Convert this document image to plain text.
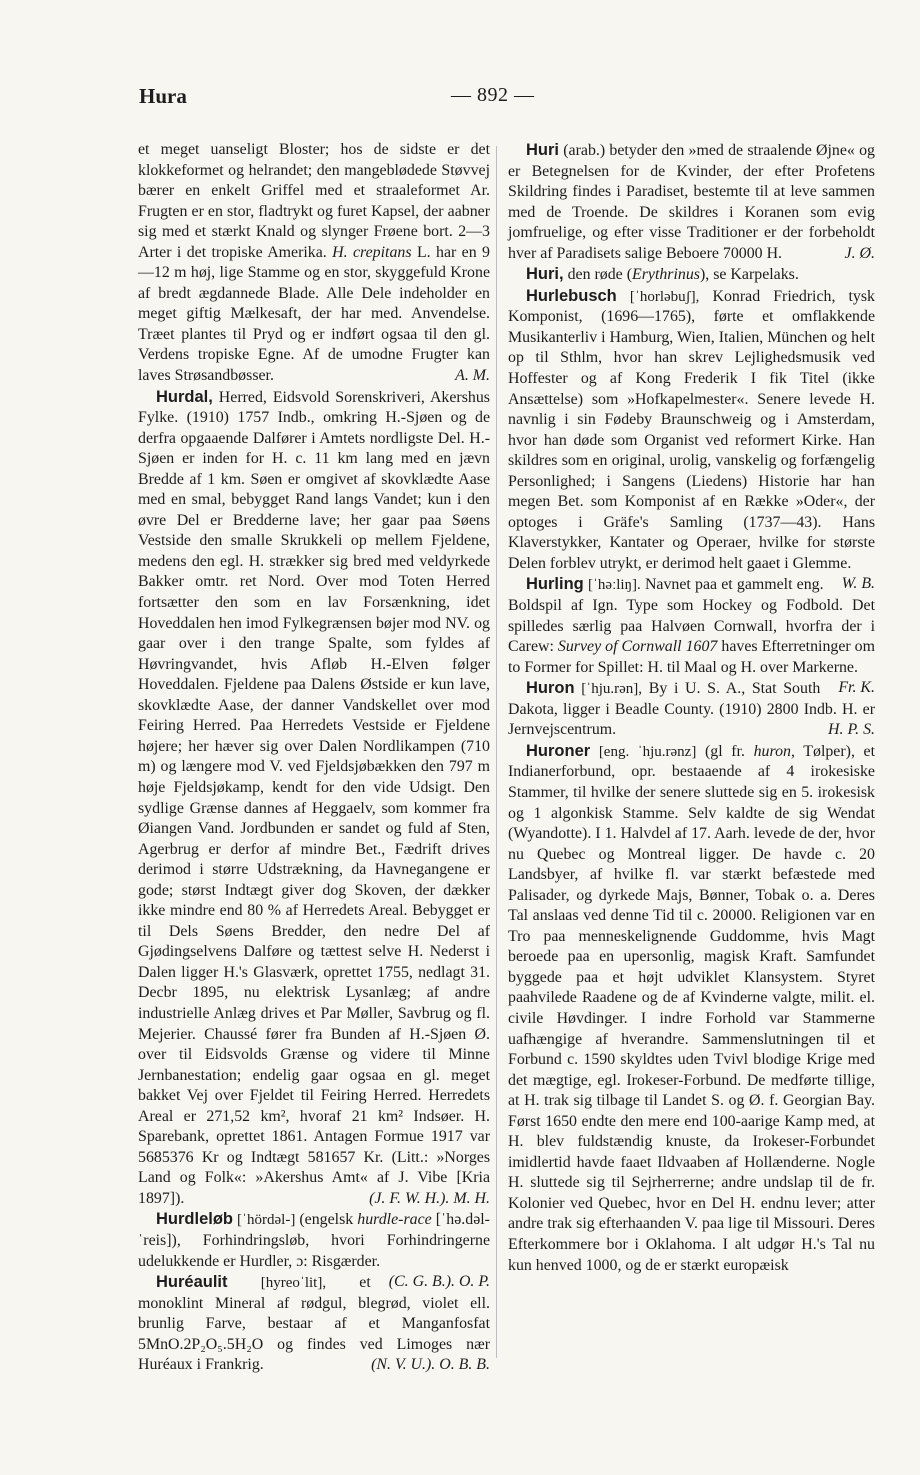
Hura	— 892 —

et meget uanseligt Bloster; hos de sidste er det klokkeformet og helrandet; den mangeblødede Støvvej bærer en enkelt Griffel med et straaleformet Ar. Frugten er en stor, fladtrykt og furet Kapsel, der aabner sig med et stærkt Knald og slynger Frøene bort. 2—3 Arter i det tropiske Amerika. H. crepitans L. har en 9—12 m høj, lige Stamme og en stor, skyggefuld Krone af bredt ægdannede Blade. Alle Dele indeholder en meget giftig Mælkesaft, der har med. Anvendelse. Træet plantes til Pryd og er indført ogsaa til den gl. Verdens tropiske Egne. Af de umodne Frugter kan laves Strøsandbøsser.	A. M.

Hurdal, Herred, Eidsvold Sorenskriveri, Akershus Fylke. (1910) 1757 Indb., omkring H.-Sjøen og de derfra opgaaende Dalfører i Amtets nordligste Del. H.-Sjøen er inden for H. c. 11 km lang med en jævn Bredde af 1 km. Søen er omgivet af skovklædte Aase med en smal, bebygget Rand langs Vandet; kun i den øvre Del er Bredderne lave; her gaar paa Søens Vestside den smalle Skrukkeli op mellem Fjeldene, medens den egl. H. strækker sig bred med veldyrkede Bakker omtr. ret Nord. Over mod Toten Herred fortsætter den som en lav Forsænkning, idet Hoveddalen hen imod Fylkegrænsen bøjer mod NV. og gaar over i den trange Spalte, som fyldes af Høvringvandet, hvis Afløb H.-Elven følger Hoveddalen. Fjeldene paa Dalens Østside er kun lave, skovklædte Aase, der danner Vandskellet over mod Feiring Herred. Paa Herredets Vestside er Fjeldene højere; her hæver sig over Dalen Nordlikampen (710 m) og længere mod V. ved Fjeldsjøbækken den 797 m høje Fjeldsjøkamp, kendt for den vide Udsigt. Den sydlige Grænse dannes af Heggaelv, som kommer fra Øiangen Vand. Jordbunden er sandet og fuld af Sten, Agerbrug er derfor af mindre Bet., Fædrift drives derimod i større Udstrækning, da Havnegangene er gode; størst Indtægt giver dog Skoven, der dækker ikke mindre end 80 % af Herredets Areal. Bebygget er til Dels Søens Bredder, den nedre Del af Gjødingselvens Dalføre og tættest selve H. Nederst i Dalen ligger H.'s Glasværk, oprettet 1755, nedlagt 31. Decbr 1895, nu elektrisk Lysanlæg; af andre industrielle Anlæg drives et Par Møller, Savbrug og fl. Mejerier. Chaussé fører fra Bunden af H.-Sjøen Ø. over til Eidsvolds Grænse og videre til Minne Jernbanestation; endelig gaar ogsaa en gl. meget bakket Vej over Fjeldet til Feiring Herred. Herredets Areal er 271,52 km², hvoraf 21 km² Indsøer. H. Sparebank, oprettet 1861. Antagen Formue 1917 var 5685376 Kr og Indtægt 581657 Kr. (Litt.: »Norges Land og Folk«: »Akershus Amt« af J. Vibe [Kria 1897]).	(J. F. W. H.). M. H.

Hurdleløb [ˈhördəl-] (engelsk hurdle-race [ˈhə.dəl-ˈreis]), Forhindringsløb, hvori Forhindringerne udelukkende er Hurdler, ɔ: Risgærder.
(C. G. B.). O. P.

Huréaulit [hyreoˈlit], et monoklint Mineral af rødgul, blegrød, violet ell. brunlig Farve, bestaar af et Manganfosfat 5MnO.2P₂O₅.5H₂O og findes ved Limoges nær Huréaux i Frankrig.	(N. V. U.). O. B. B.

Huri (arab.) betyder den »med de straalende Øjne« og er Betegnelsen for de Kvinder, der efter Profetens Skildring findes i Paradiset, bestemte til at leve sammen med de Troende. De skildres i Koranen som evig jomfruelige, og efter visse Traditioner er der forbeholdt hver af Paradisets salige Beboere 70000 H.	J. Ø.

Huri, den røde (Erythrinus), se Karpelaks.

Hurlebusch [ˈhorləbuʃ], Konrad Friedrich, tysk Komponist, (1696—1765), førte et omflakkende Musikanterliv i Hamburg, Wien, Italien, München og helt op til Sthlm, hvor han skrev Lejlighedsmusik ved Hoffester og af Kong Frederik I fik Titel (ikke Ansættelse) som »Hofkapelmester«. Senere levede H. navnlig i sin Fødeby Braunschweig og i Amsterdam, hvor han døde som Organist ved reformert Kirke. Han skildres som en original, urolig, vanskelig og forfængelig Personlighed; i Sangens (Liedens) Historie har han megen Bet. som Komponist af en Række »Oder«, der optoges i Gräfe's Samling (1737—43). Hans Klaverstykker, Kantater og Operaer, hvilke for største Delen forblev utrykt, er derimod helt gaaet i Glemme.
W. B.

Hurling [ˈhəːliŋ]. Navnet paa et gammelt eng. Boldspil af Ign. Type som Hockey og Fodbold. Det spilledes særlig paa Halvøen Cornwall, hvorfra der i Carew: Survey of Cornwall 1607 haves Efterretninger om to Former for Spillet: H. til Maal og H. over Markerne.
Fr. K.

Huron [ˈhju.rən], By i U. S. A., Stat South Dakota, ligger i Beadle County. (1910) 2800 Indb. H. er Jernvejscentrum.	H. P. S.

Huroner [eng. ˈhju.rənz] (gl fr. huron, Tølper), et Indianerforbund, opr. bestaaende af 4 irokesiske Stammer, til hvilke der senere sluttede sig en 5. irokesisk og 1 algonkisk Stamme. Selv kaldte de sig Wendat (Wyandotte). I 1. Halvdel af 17. Aarh. levede de der, hvor nu Quebec og Montreal ligger. De havde c. 20 Landsbyer, af hvilke fl. var stærkt befæstede med Palisader, og dyrkede Majs, Bønner, Tobak o. a. Deres Tal anslaas ved denne Tid til c. 20000. Religionen var en Tro paa menneskelignende Guddomme, hvis Magt beroede paa en upersonlig, magisk Kraft. Samfundet byggede paa et højt udviklet Klansystem. Styret paahvilede Raadene og de af Kvinderne valgte, milit. el. civile Høvdinger. I indre Forhold var Stammerne uafhængige af hverandre. Sammenslutningen til et Forbund c. 1590 skyldtes uden Tvivl blodige Krige med det mægtige, egl. Irokeser-Forbund. De medførte tillige, at H. trak sig tilbage til Landet S. og Ø. f. Georgian Bay. Først 1650 endte den mere end 100-aarige Kamp med, at H. blev fuldstændig knuste, da Irokeser-Forbundet imidlertid havde faaet Ildvaaben af Hollænderne. Nogle H. sluttede sig til Sejrherrerne; andre undslap til de fr. Kolonier ved Quebec, hvor en Del H. endnu lever; atter andre trak sig efterhaanden V. paa lige til Missouri. Deres Efterkommere bor i Oklahoma. I alt udgør H.'s Tal nu kun henved 1000, og de er stærkt europæisk
